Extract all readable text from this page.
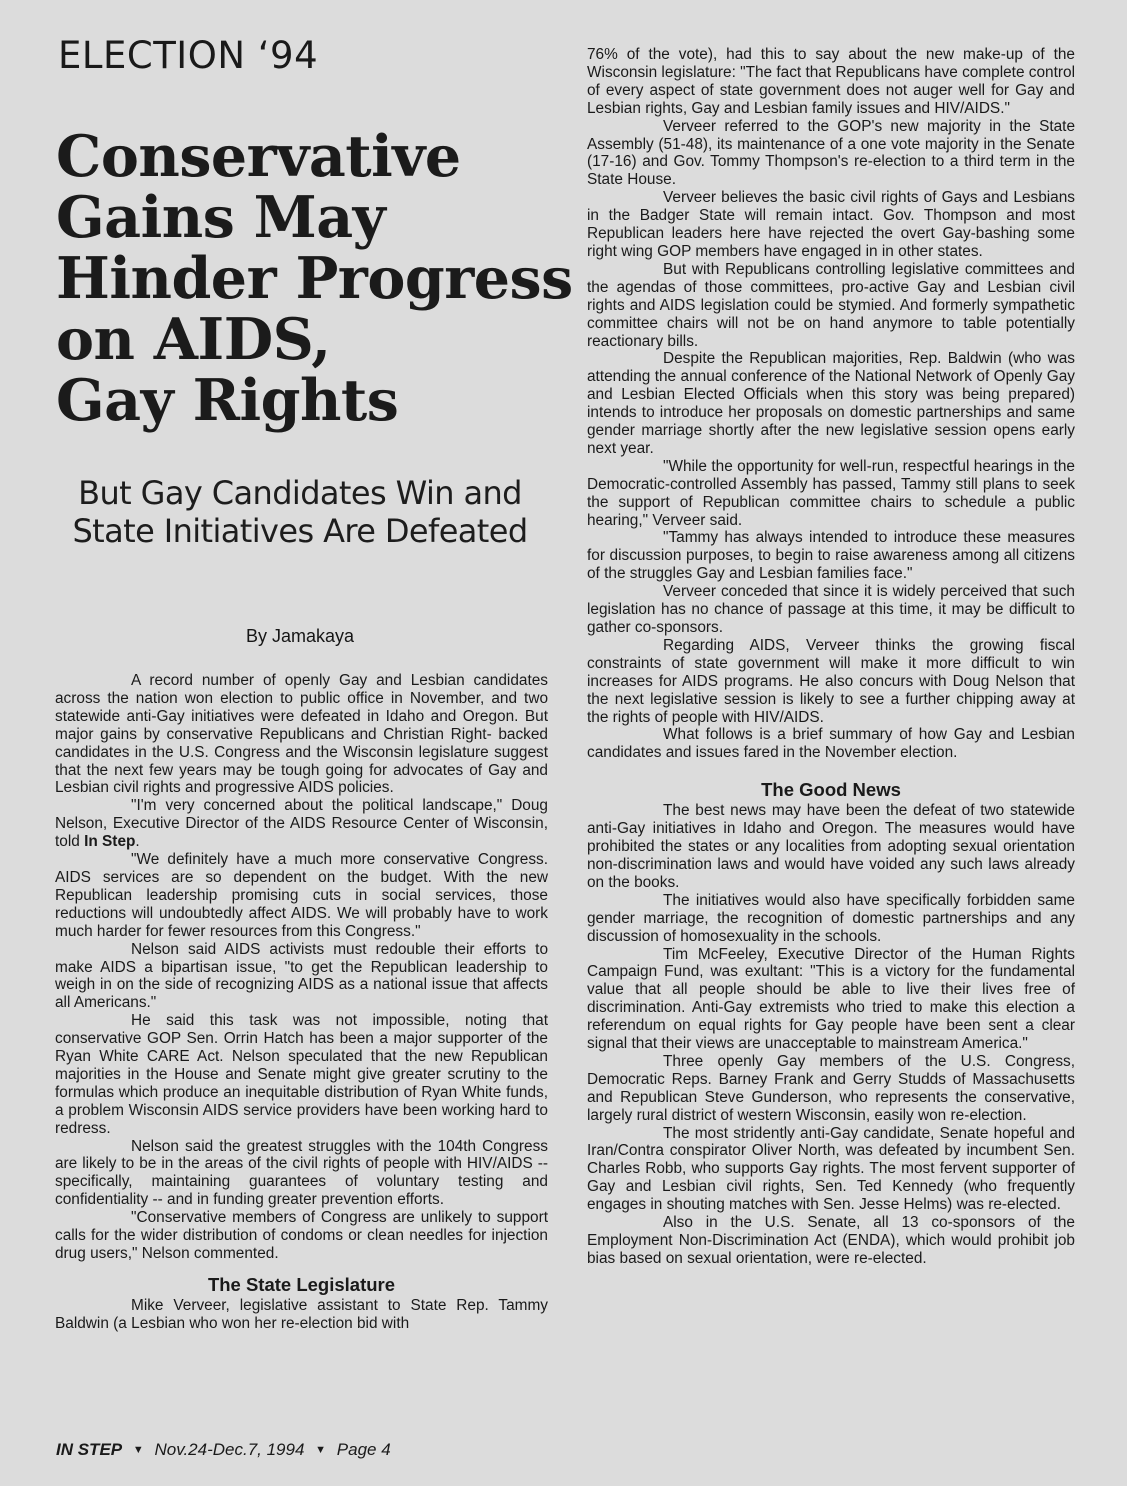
ELECTION ‘94
Conservative
Gains May
Hinder Progress
on AIDS,
Gay Rights
But Gay Candidates Win and State Initiatives Are Defeated
By Jamakaya

A record number of openly Gay and Lesbian candidates across the nation won election to public office in November, and two statewide anti-Gay initiatives were defeated in Idaho and Oregon. But major gains by conservative Republicans and Christian Right- backed candidates in the U.S. Congress and the Wisconsin legislature suggest that the next few years may be tough going for advocates of Gay and Lesbian civil rights and progressive AIDS policies.

"I'm very concerned about the political landscape," Doug Nelson, Executive Director of the AIDS Resource Center of Wisconsin, told In Step.

"We definitely have a much more conservative Congress. AIDS services are so dependent on the budget. With the new Republican leadership promising cuts in social services, those reductions will undoubtedly affect AIDS. We will probably have to work much harder for fewer resources from this Congress."

Nelson said AIDS activists must redouble their efforts to make AIDS a bipartisan issue, "to get the Republican leadership to weigh in on the side of recognizing AIDS as a national issue that affects all Americans."

He said this task was not impossible, noting that conservative GOP Sen. Orrin Hatch has been a major supporter of the Ryan White CARE Act. Nelson speculated that the new Republican majorities in the House and Senate might give greater scrutiny to the formulas which produce an inequitable distribution of Ryan White funds, a problem Wisconsin AIDS service providers have been working hard to redress.

Nelson said the greatest struggles with the 104th Congress are likely to be in the areas of the civil rights of people with HIV/AIDS -- specifically, maintaining guarantees of voluntary testing and confidentiality -- and in funding greater prevention efforts.

"Conservative members of Congress are unlikely to support calls for the wider distribution of condoms or clean needles for injection drug users," Nelson commented.

The State Legislature

Mike Verveer, legislative assistant to State Rep. Tammy Baldwin (a Lesbian who won her re-election bid with

76% of the vote), had this to say about the new make-up of the Wisconsin legislature: "The fact that Republicans have complete control of every aspect of state government does not auger well for Gay and Lesbian rights, Gay and Lesbian family issues and HIV/AIDS."

Verveer referred to the GOP's new majority in the State Assembly (51-48), its maintenance of a one vote majority in the Senate (17-16) and Gov. Tommy Thompson's re-election to a third term in the State House.

Verveer believes the basic civil rights of Gays and Lesbians in the Badger State will remain intact. Gov. Thompson and most Republican leaders here have rejected the overt Gay-bashing some right wing GOP members have engaged in in other states.

But with Republicans controlling legislative committees and the agendas of those committees, pro-active Gay and Lesbian civil rights and AIDS legislation could be stymied. And formerly sympathetic committee chairs will not be on hand anymore to table potentially reactionary bills.

Despite the Republican majorities, Rep. Baldwin (who was attending the annual conference of the National Network of Openly Gay and Lesbian Elected Officials when this story was being prepared) intends to introduce her proposals on domestic partnerships and same gender marriage shortly after the new legislative session opens early next year.

"While the opportunity for well-run, respectful hearings in the Democratic-controlled Assembly has passed, Tammy still plans to seek the support of Republican committee chairs to schedule a public hearing," Verveer said.

"Tammy has always intended to introduce these measures for discussion purposes, to begin to raise awareness among all citizens of the struggles Gay and Lesbian families face."

Verveer conceded that since it is widely perceived that such legislation has no chance of passage at this time, it may be difficult to gather co-sponsors.

Regarding AIDS, Verveer thinks the growing fiscal constraints of state government will make it more difficult to win increases for AIDS programs. He also concurs with Doug Nelson that the next legislative session is likely to see a further chipping away at the rights of people with HIV/AIDS.

What follows is a brief summary of how Gay and Lesbian candidates and issues fared in the November election.

The Good News

The best news may have been the defeat of two statewide anti-Gay initiatives in Idaho and Oregon. The measures would have prohibited the states or any localities from adopting sexual orientation non-discrimination laws and would have voided any such laws already on the books.

The initiatives would also have specifically forbidden same gender marriage, the recognition of domestic partnerships and any discussion of homosexuality in the schools.

Tim McFeeley, Executive Director of the Human Rights Campaign Fund, was exultant: "This is a victory for the fundamental value that all people should be able to live their lives free of discrimination. Anti-Gay extremists who tried to make this election a referendum on equal rights for Gay people have been sent a clear signal that their views are unacceptable to mainstream America."

Three openly Gay members of the U.S. Congress, Democratic Reps. Barney Frank and Gerry Studds of Massachusetts and Republican Steve Gunderson, who represents the conservative, largely rural district of western Wisconsin, easily won re-election.

The most stridently anti-Gay candidate, Senate hopeful and Iran/Contra conspirator Oliver North, was defeated by incumbent Sen. Charles Robb, who supports Gay rights. The most fervent supporter of Gay and Lesbian civil rights, Sen. Ted Kennedy (who frequently engages in shouting matches with Sen. Jesse Helms) was re-elected.

Also in the U.S. Senate, all 13 co-sponsors of the Employment Non-Discrimination Act (ENDA), which would prohibit job bias based on sexual orientation, were re-elected.

IN STEP ▼ Nov.24-Dec.7, 1994 ▼ Page 4
